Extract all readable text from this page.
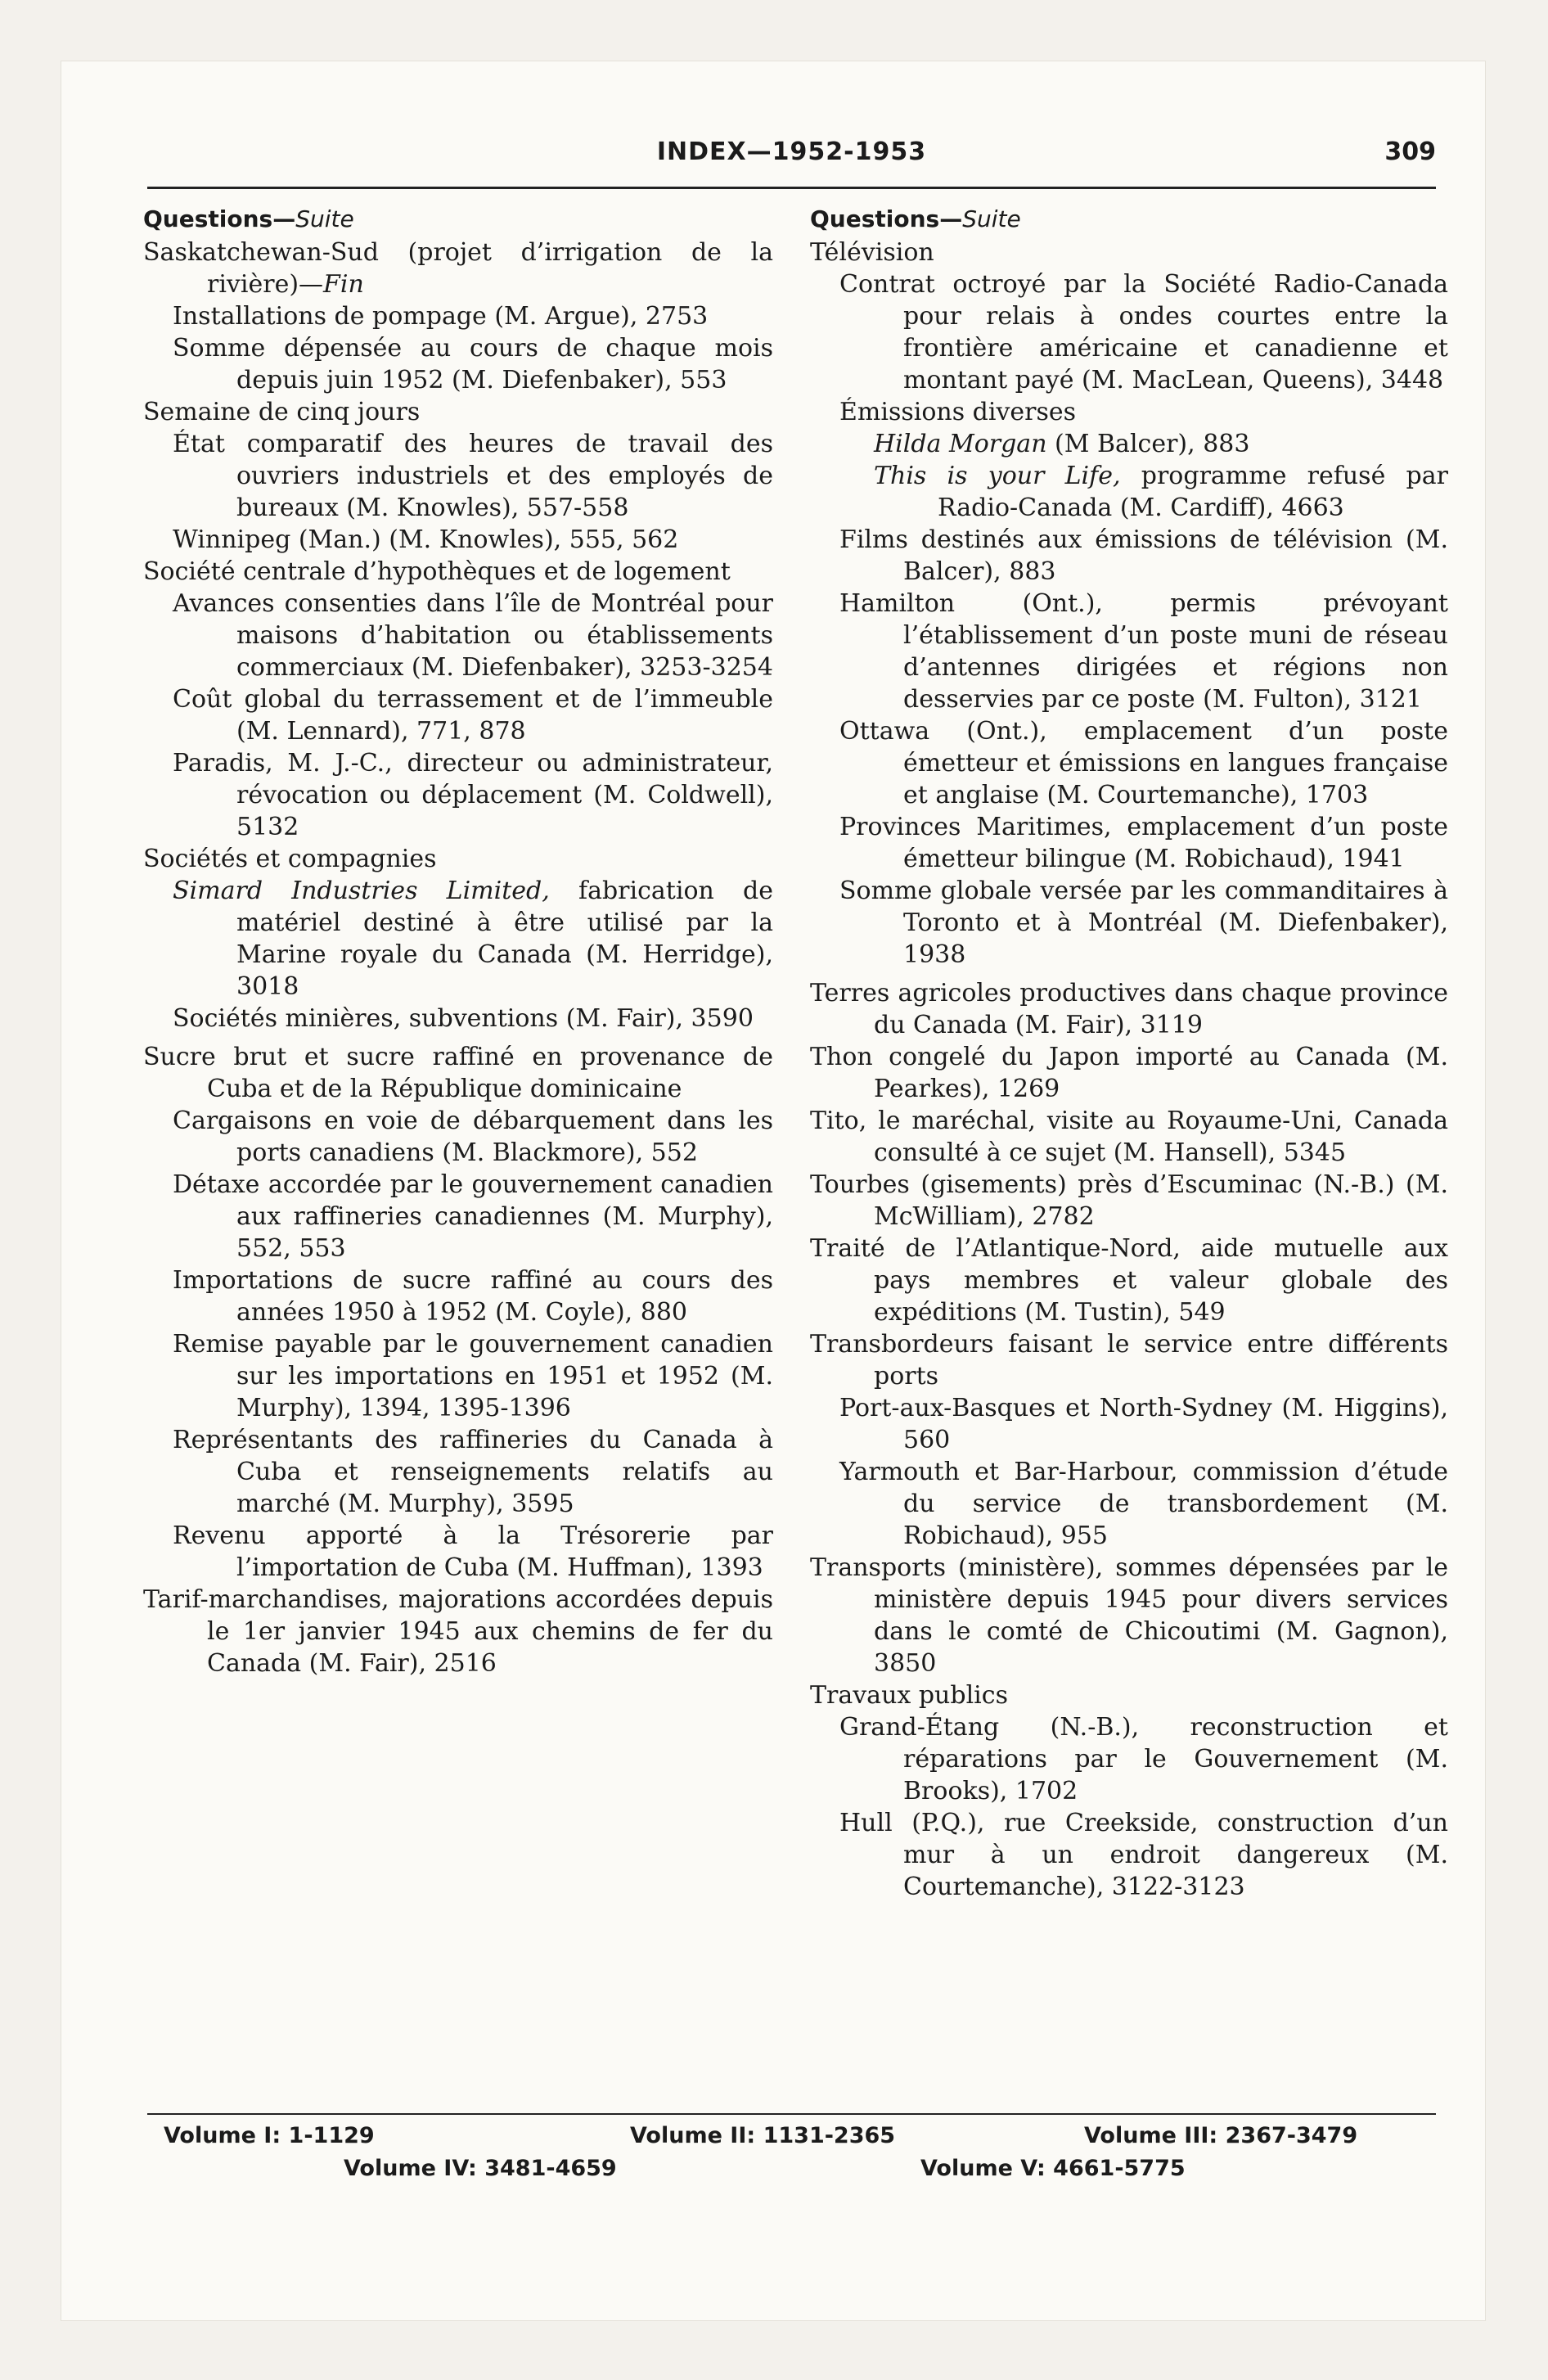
INDEX—1952-1953	309
Questions—Suite
Saskatchewan-Sud (projet d’irrigation de la rivière)—Fin
Installations de pompage (M. Argue), 2753
Somme dépensée au cours de chaque mois depuis juin 1952 (M. Diefenbaker), 553
Semaine de cinq jours
État comparatif des heures de travail des ouvriers industriels et des employés de bureaux (M. Knowles), 557-558
Winnipeg (Man.) (M. Knowles), 555, 562
Société centrale d’hypothèques et de logement
Avances consenties dans l’île de Montréal pour maisons d’habitation ou établissements commerciaux (M. Diefenbaker), 3253-3254
Coût global du terrassement et de l’immeuble (M. Lennard), 771, 878
Paradis, M. J.-C., directeur ou administrateur, révocation ou déplacement (M. Coldwell), 5132
Sociétés et compagnies
Simard Industries Limited, fabrication de matériel destiné à être utilisé par la Marine royale du Canada (M. Herridge), 3018
Sociétés minières, subventions (M. Fair), 3590
Sucre brut et sucre raffiné en provenance de Cuba et de la République dominicaine
Cargaisons en voie de débarquement dans les ports canadiens (M. Blackmore), 552
Détaxe accordée par le gouvernement canadien aux raffineries canadiennes (M. Murphy), 552, 553
Importations de sucre raffiné au cours des années 1950 à 1952 (M. Coyle), 880
Remise payable par le gouvernement canadien sur les importations en 1951 et 1952 (M. Murphy), 1394, 1395-1396
Représentants des raffineries du Canada à Cuba et renseignements relatifs au marché (M. Murphy), 3595
Revenu apporté à la Trésorerie par l’importation de Cuba (M. Huffman), 1393
Tarif-marchandises, majorations accordées depuis le 1er janvier 1945 aux chemins de fer du Canada (M. Fair), 2516
Questions—Suite
Télévision
Contrat octroyé par la Société Radio-Canada pour relais à ondes courtes entre la frontière américaine et canadienne et montant payé (M. MacLean, Queens), 3448
Émissions diverses
Hilda Morgan (M Balcer), 883
This is your Life, programme refusé par Radio-Canada (M. Cardiff), 4663
Films destinés aux émissions de télévision (M. Balcer), 883
Hamilton (Ont.), permis prévoyant l’établissement d’un poste muni de réseau d’antennes dirigées et régions non desservies par ce poste (M. Fulton), 3121
Ottawa (Ont.), emplacement d’un poste émetteur et émissions en langues française et anglaise (M. Courtemanche), 1703
Provinces Maritimes, emplacement d’un poste émetteur bilingue (M. Robichaud), 1941
Somme globale versée par les commanditaires à Toronto et à Montréal (M. Diefenbaker), 1938
Terres agricoles productives dans chaque province du Canada (M. Fair), 3119
Thon congelé du Japon importé au Canada (M. Pearkes), 1269
Tito, le maréchal, visite au Royaume-Uni, Canada consulté à ce sujet (M. Hansell), 5345
Tourbes (gisements) près d’Escuminac (N.-B.) (M. McWilliam), 2782
Traité de l’Atlantique-Nord, aide mutuelle aux pays membres et valeur globale des expéditions (M. Tustin), 549
Transbordeurs faisant le service entre différents ports
Port-aux-Basques et North-Sydney (M. Higgins), 560
Yarmouth et Bar-Harbour, commission d’étude du service de transbordement (M. Robichaud), 955
Transports (ministère), sommes dépensées par le ministère depuis 1945 pour divers services dans le comté de Chicoutimi (M. Gagnon), 3850
Travaux publics
Grand-Étang (N.-B.), reconstruction et réparations par le Gouvernement (M. Brooks), 1702
Hull (P.Q.), rue Creekside, construction d’un mur à un endroit dangereux (M. Courtemanche), 3122-3123
Volume I: 1-1129	Volume II: 1131-2365	Volume III: 2367-3479
Volume IV: 3481-4659	Volume V: 4661-5775
